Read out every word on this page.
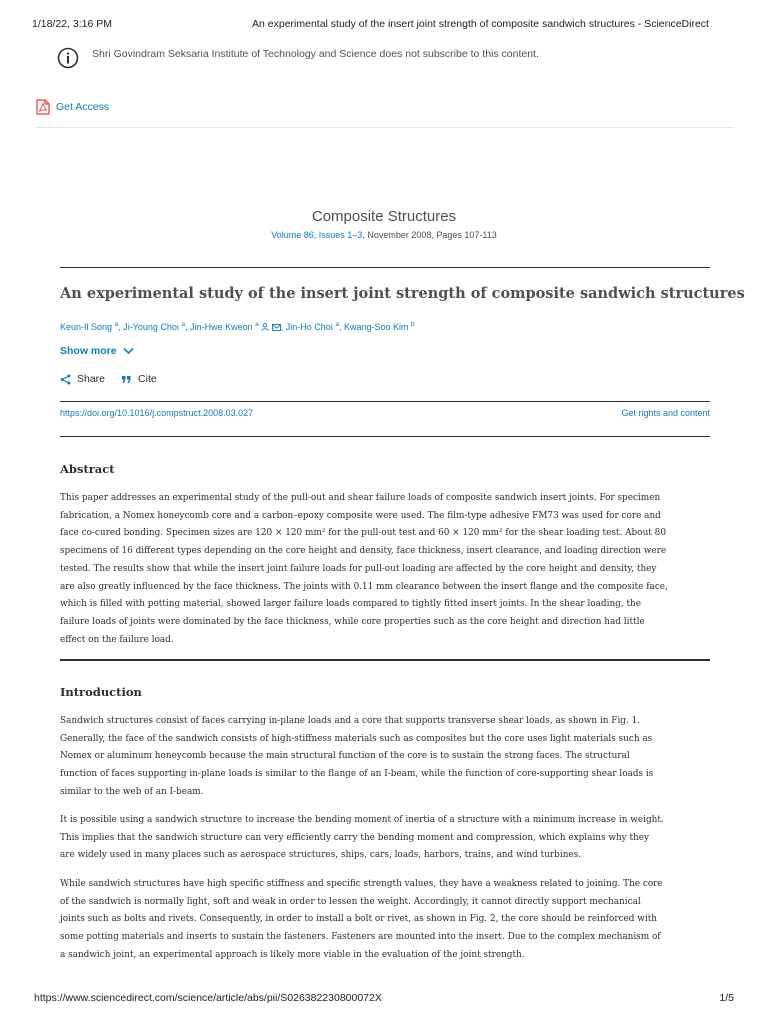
1/18/22, 3:16 PM	An experimental study of the insert joint strength of composite sandwich structures - ScienceDirect
Shri Govindram Seksaria Institute of Technology and Science does not subscribe to this content.
Get Access
Composite Structures
Volume 86, Issues 1–3, November 2008, Pages 107-113
An experimental study of the insert joint strength of composite sandwich structures
Keun-Il Song $^a$, Ji-Young Choi $^a$, Jin-Hwe Kweon $^a$ , Jin-Ho Choi $^a$, Kwang-Soo Kim $^b$
Show more
Share	Cite
https://doi.org/10.1016/j.compstruct.2008.03.027	Get rights and content
Abstract
This paper addresses an experimental study of the pull-out and shear failure loads of composite sandwich insert joints. For specimen
fabrication, a Nomex honeycomb core and a carbon–epoxy composite were used. The film-type adhesive FM73 was used for core and
face co-cured bonding. Specimen sizes are 120 × 120 mm² for the pull-out test and 60 × 120 mm² for the shear loading test. About 80
specimens of 16 different types depending on the core height and density, face thickness, insert clearance, and loading direction were
tested. The results show that while the insert joint failure loads for pull-out loading are affected by the core height and density, they
are also greatly influenced by the face thickness. The joints with 0.11 mm clearance between the insert flange and the composite face,
which is filled with potting material, showed larger failure loads compared to tightly fitted insert joints. In the shear loading, the
failure loads of joints were dominated by the face thickness, while core properties such as the core height and direction had little
effect on the failure load.
Introduction
Sandwich structures consist of faces carrying in-plane loads and a core that supports transverse shear loads, as shown in Fig. 1.
Generally, the face of the sandwich consists of high-stiffness materials such as composites but the core uses light materials such as
Nomex or aluminum honeycomb because the main structural function of the core is to sustain the strong faces. The structural
function of faces supporting in-plane loads is similar to the flange of an I-beam, while the function of core-supporting shear loads is
similar to the web of an I-beam.
It is possible using a sandwich structure to increase the bending moment of inertia of a structure with a minimum increase in weight.
This implies that the sandwich structure can very efficiently carry the bending moment and compression, which explains why they
are widely used in many places such as aerospace structures, ships, cars, loads, harbors, trains, and wind turbines.
While sandwich structures have high specific stiffness and specific strength values, they have a weakness related to joining. The core
of the sandwich is normally light, soft and weak in order to lessen the weight. Accordingly, it cannot directly support mechanical
joints such as bolts and rivets. Consequently, in order to install a bolt or rivet, as shown in Fig. 2, the core should be reinforced with
some potting materials and inserts to sustain the fasteners. Fasteners are mounted into the insert. Due to the complex mechanism of
a sandwich joint, an experimental approach is likely more viable in the evaluation of the joint strength.
https://www.sciencedirect.com/science/article/abs/pii/S026382230800072X	1/5
